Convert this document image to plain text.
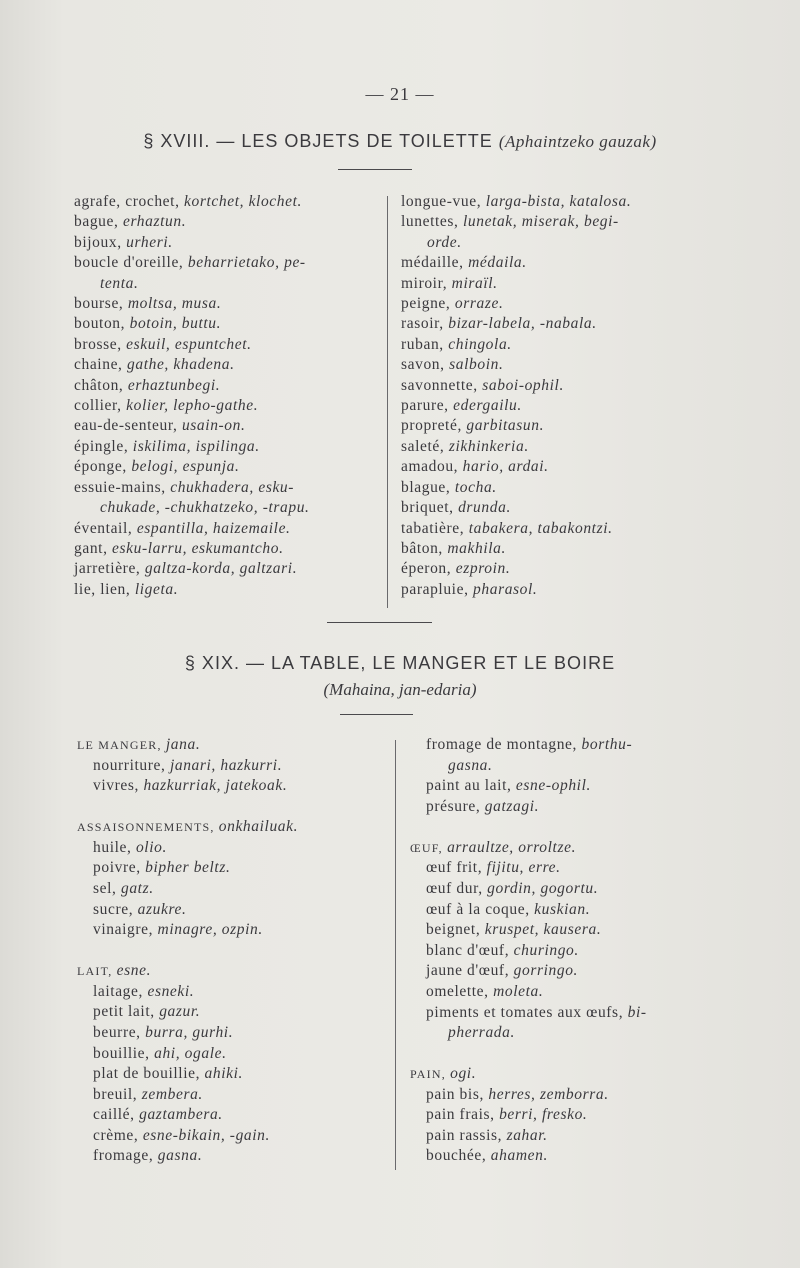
— 21 —
§ XVIII. — LES OBJETS DE TOILETTE (Aphaintzeko gauzak)
agrafe, crochet, kortchet, klochet.
bague, erhaztun.
bijoux, urheri.
boucle d'oreille, beharrietako, pe-
tenta.
bourse, moltsa, musa.
bouton, botoin, buttu.
brosse, eskuil, espuntchet.
chaine, gathe, khadena.
châton, erhaztunbegi.
collier, kolier, lepho-gathe.
eau-de-senteur, usain-on.
épingle, iskilima, ispilinga.
éponge, belogi, espunja.
essuie-mains, chukhadera, esku-
chukade, -chukhatzeko, -trapu.
éventail, espantilla, haizemaile.
gant, esku-larru, eskumantcho.
jarretière, galtza-korda, galtzari.
lie, lien, ligeta.
longue-vue, larga-bista, katalosa.
lunettes, lunetak, miserak, begi-
orde.
médaille, médaila.
miroir, miraïl.
peigne, orraze.
rasoir, bizar-labela, -nabala.
ruban, chingola.
savon, salboin.
savonnette, saboi-ophil.
parure, edergailu.
propreté, garbitasun.
saleté, zikhinkeria.
amadou, hario, ardai.
blague, tocha.
briquet, drunda.
tabatière, tabakera, tabakontzi.
bâton, makhila.
éperon, ezproin.
parapluie, pharasol.
§ XIX. — LA TABLE, LE MANGER ET LE BOIRE
(Mahaina, jan-edaria)
LE MANGER, jana.
nourriture, janari, hazkurri.
vivres, hazkurriak, jatekoak.
ASSAISONNEMENTS, onkhailuak.
huile, olio.
poivre, bipher beltz.
sel, gatz.
sucre, azukre.
vinaigre, minagre, ozpin.
LAIT, esne.
laitage, esneki.
petit lait, gazur.
beurre, burra, gurhi.
bouillie, ahi, ogale.
plat de bouillie, ahiki.
breuil, zembera.
caillé, gaztambera.
crème, esne-bikain, -gain.
fromage, gasna.
fromage de montagne, borthu-
gasna.
paint au lait, esne-ophil.
présure, gatzagi.
ŒUF, arraultze, orroltze.
œuf frit, fijitu, erre.
œuf dur, gordin, gogortu.
œuf à la coque, kuskian.
beignet, kruspet, kausera.
blanc d'œuf, churingo.
jaune d'œuf, gorringo.
omelette, moleta.
piments et tomates aux œufs, bi-
pherrada.
PAIN, ogi.
pain bis, herres, zemborra.
pain frais, berri, fresko.
pain rassis, zahar.
bouchée, ahamen.
